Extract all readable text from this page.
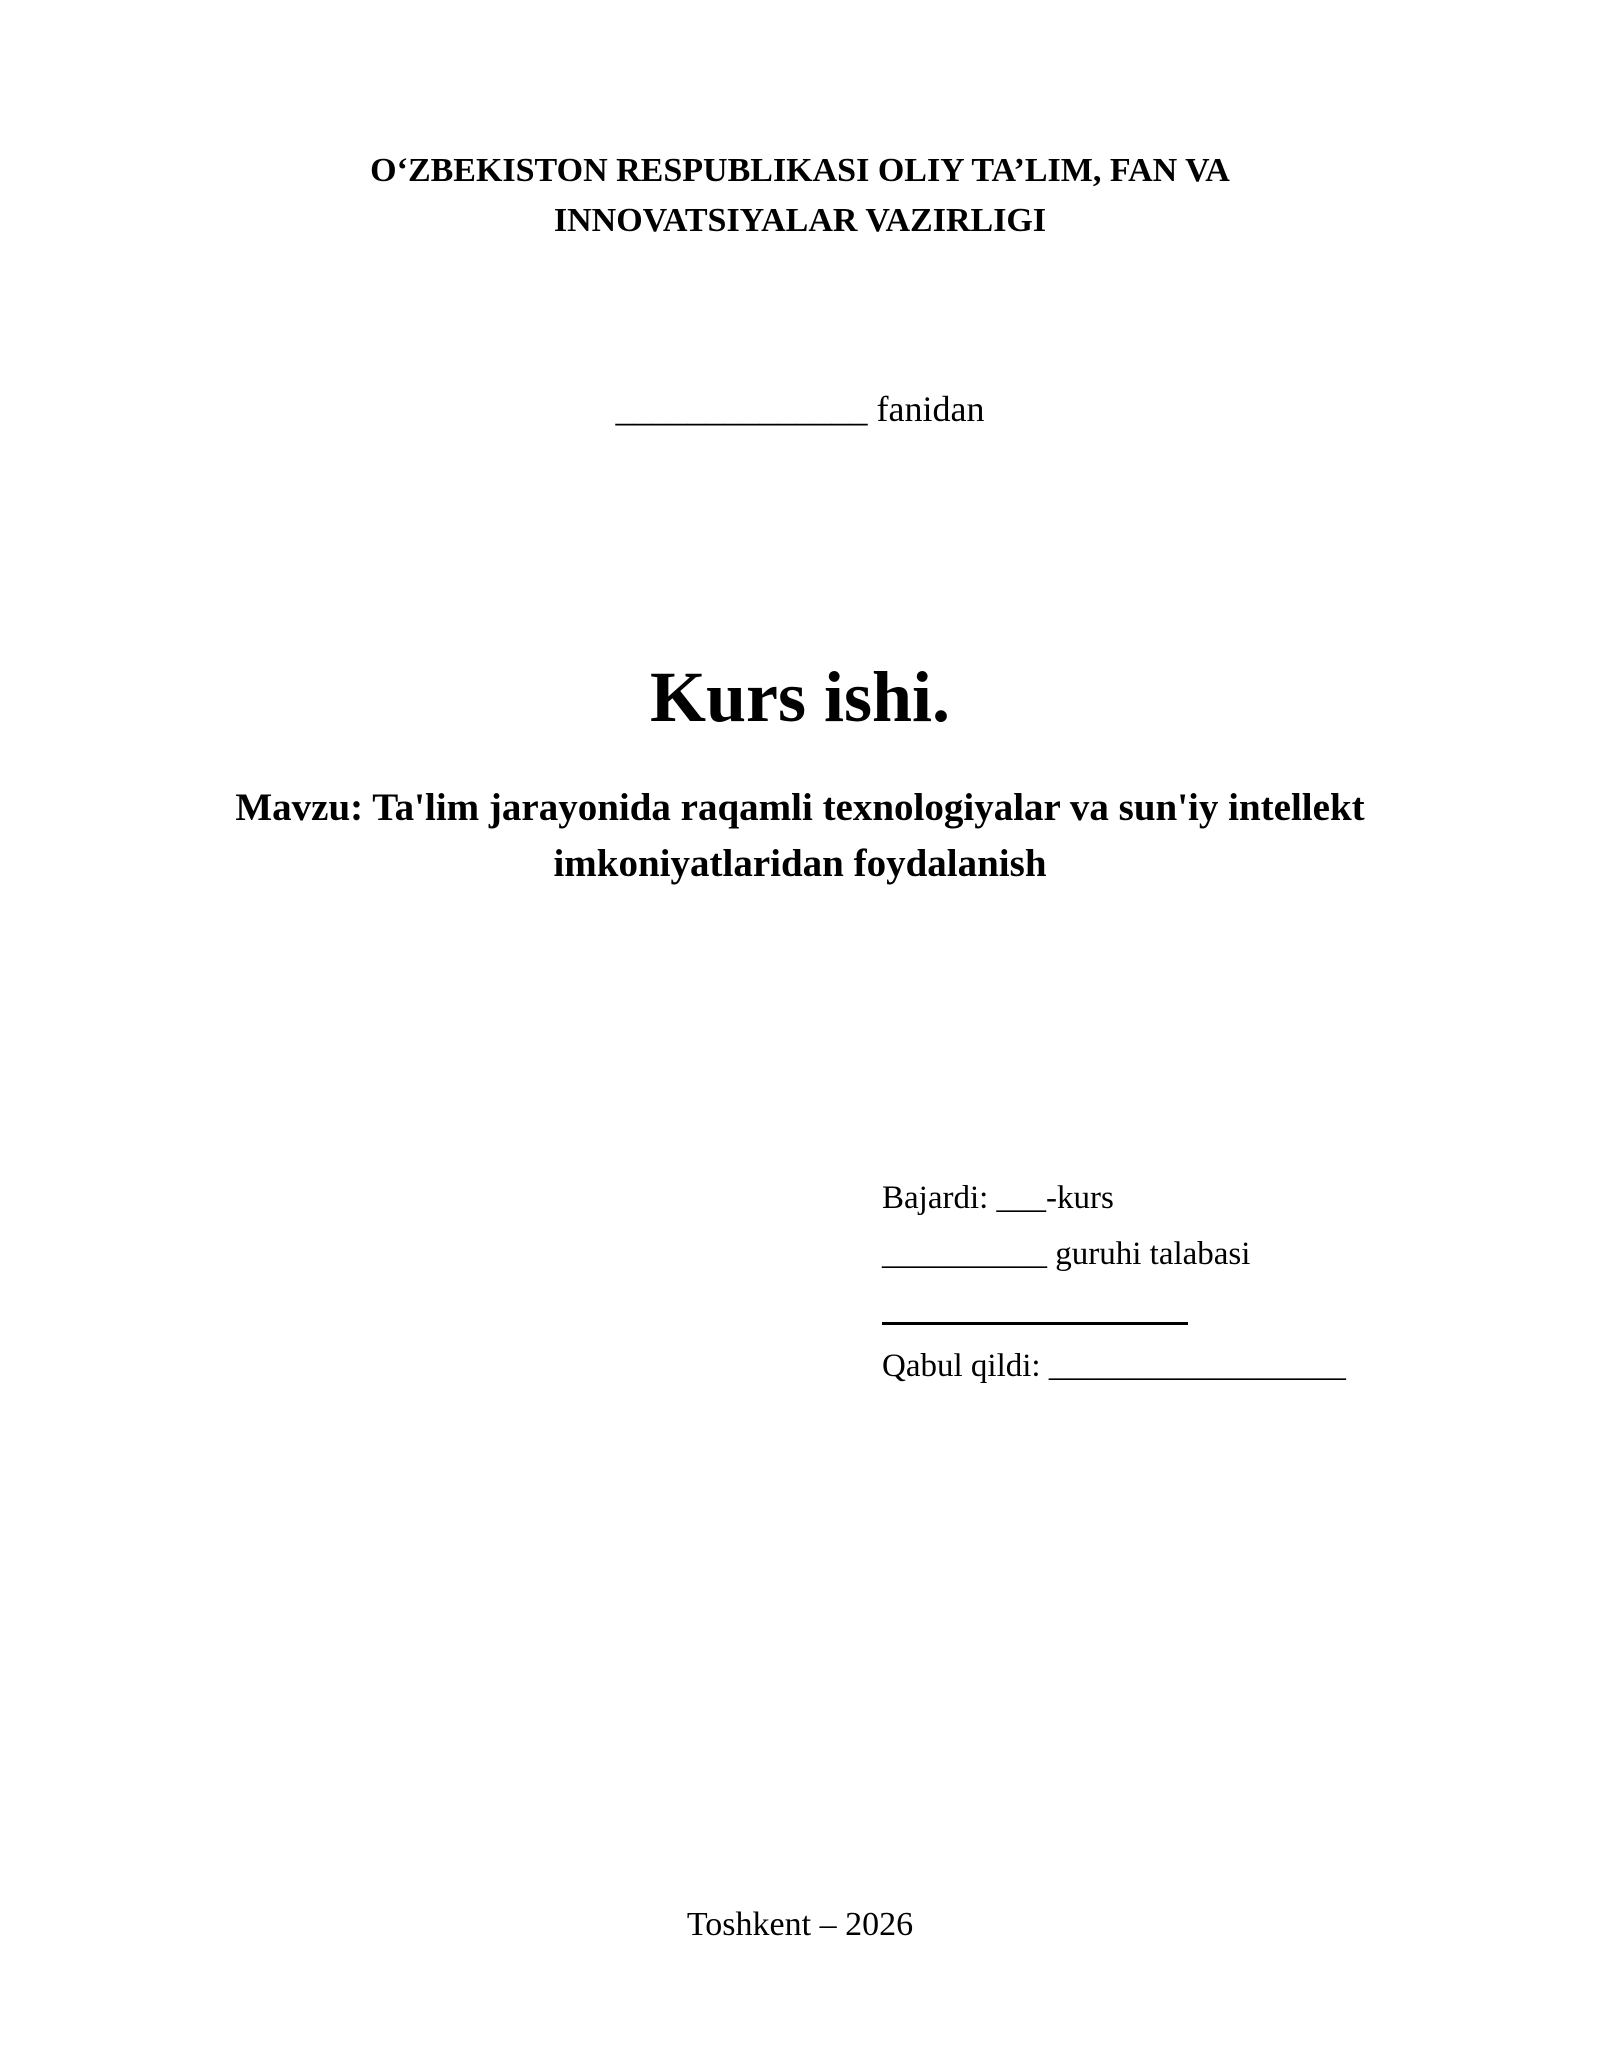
O‘ZBEKISTON RESPUBLIKASI OLIY TA’LIM, FAN VA
INNOVATSIYALAR VAZIRLIGI
______________ fanidan
Kurs ishi.
Mavzu: Ta'lim jarayonida raqamli texnologiyalar va sun'iy intellekt
imkoniyatlaridan foydalanish
Bajardi: ___-kurs
__________ guruhi talabasi
Qabul qildi: __________________
Toshkent – 2026
